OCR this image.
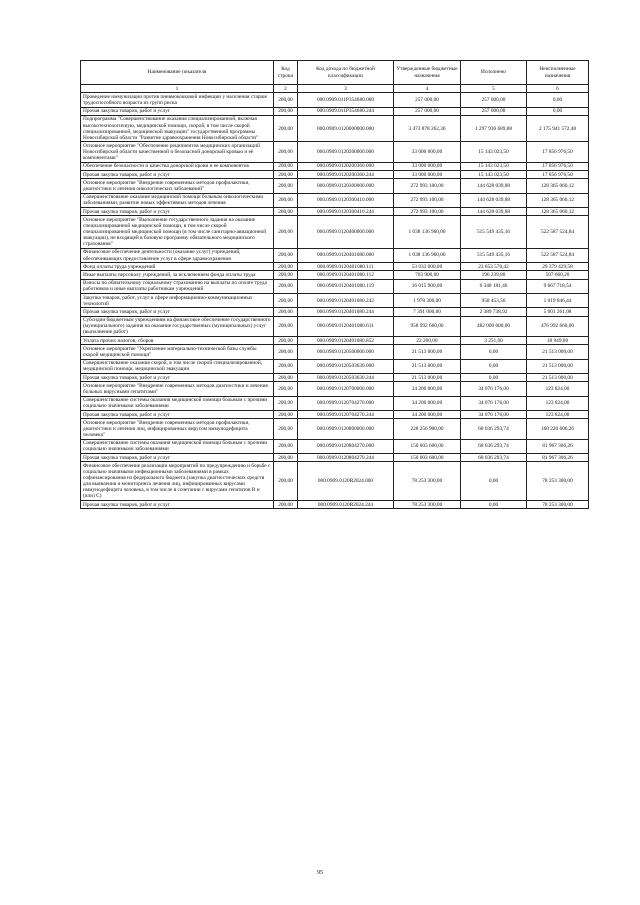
Наименование показателя	Код строки	Код дохода по бюджетной классификации	Утвержденные бюджетные назначения	Исполнено	Неисполненные назначения
1	2	3	4	5	6
Проведение иммунизации против пневмококковой инфекции у населения старше трудоспособного возраста из групп риска	200,00	000.0909.011P354680.000	257 000,00	257 000,00	0,00
Прочая закупка товаров, работ и услуг	200,00	000.0909.011P354680.244	257 000,00	257 000,00	0,00
Подпрограмма "Совершенствование оказания специализированной, включая высокотехнологичную, медицинской помощи, скорой, в том числе скорой специализированной, медицинской эвакуации" государственной программы Новосибирской области "Развитие здравоохранения Новосибирской области"	200,00	000.0909.0120000000.000	3 473 878 262,36	1 297 936 689,88	2 175 941 572,48
Основное мероприятие "Обеспечение реципиентов медицинских организаций Новосибирской области качественной и безопасной донорской кровью и её компонентами"	200,00	000.0909.0120200000.000	33 000 000,00	15 143 023,50	17 856 976,50
Обеспечение безопасности и качества донорской крови и ее компонентов	200,00	000.0909.0120200360.000	33 000 000,00	15 143 023,50	17 856 976,50
Прочая закупка товаров, работ и услуг	200,00	000.0909.0120200360.244	33 000 000,00	15 143 023,50	17 856 976,50
Основное мероприятие "Внедрение современных методов профилактики, диагностики и лечения онкологических заболеваний"	200,00	000.0909.0120300000.000	272 993 100,00	144 628 039,88	128 365 060,12
Совершенствование оказания медицинской помощи больным онкологическими заболеваниями, развитие новых эффективных методов лечения	200,00	000.0909.0120300410.000	272 993 100,00	144 628 039,88	128 365 060,12
Прочая закупка товаров, работ и услуг	200,00	000.0909.0120300410.244	272 993 100,00	144 628 039,88	128 365 060,12
Основное мероприятие "Выполнение государственного задания на оказание специализированной медицинской помощи, в том числе скорой специализированной медицинской помощи (в том числе санитарно-авиационной эвакуации), не входящей в базовую программу обязательного медицинского страхования"	200,00	000.0909.0120400000.000	1 038 136 960,00	515 549 435,16	522 587 524,84
Финансовое обеспечение деятельности (оказание услуг) учреждений, обеспечивающих предоставление услуг в сфере здравоохранения	200,00	000.0909.0120401080.000	1 038 136 960,00	515 549 435,16	522 587 524,84
Фонд оплаты труда учреждений	200,00	000.0909.0120401080.111	53 033 000,00	23 653 570,42	29 379 429,58
Иные выплаты персоналу учреждений, за исключением фонда оплаты труда	200,00	000.0909.0120401080.112	703 900,00	196 239,80	507 660,20
Взносы по обязательному социальному страхованию на выплаты по оплате труда работников и иные выплаты работникам учреждений	200,00	000.0909.0120401080.119	16 015 900,00	6 348 181,46	9 667 718,54
Закупка товаров, работ, услуг в сфере информационно-коммуникационных технологий	200,00	000.0909.0120401080.242	1 978 300,00	958 453,56	1 019 846,44
Прочая закупка товаров, работ и услуг	200,00	000.0909.0120401080.244	7 391 000,00	2 389 738,92	5 001 261,08
Субсидии бюджетным учреждениям на финансовое обеспечение государственного (муниципального) задания на оказание государственных (муниципальных) услуг (выполнение работ)	200,00	000.0909.0120401080.611	958 992 660,00	482 000 000,00	476 992 660,00
Уплата прочих налогов, сборов	200,00	000.0909.0120401080.852	22 200,00	3 251,00	18 949,00
Основное мероприятие "Укрепление материально-технической базы службы скорой медицинской помощи"	200,00	000.0909.0120500000.000	21 513 000,00	0,00	21 513 000,00
Совершенствование оказания скорой, в том числе скорой специализированной, медицинской помощи, медицинской эвакуации	200,00	000.0909.0120503630.000	21 513 000,00	0,00	21 513 000,00
Прочая закупка товаров, работ и услуг	200,00	000.0909.0120503630.244	21 513 000,00	0,00	21 513 000,00
Основное мероприятие "Внедрение современных методов диагностики и лечения больных вирусными гепатитами"	200,00	000.0909.0120700000.000	34 200 000,00	34 076 176,00	123 824,00
Совершенствование системы оказания медицинской помощи больным с прочими социально значимыми заболеваниями	200,00	000.0909.0120704270.000	34 200 000,00	34 076 176,00	123 824,00
Прочая закупка товаров, работ и услуг	200,00	000.0909.0120704270.244	34 200 000,00	34 076 176,00	123 824,00
Основное мероприятие "Внедрение современных методов профилактики, диагностики и лечения лиц, инфицированных вирусом иммунодефицита человека"	200,00	000.0909.0120800000.000	228 256 900,00	68 036 293,74	160 220 606,26
Совершенствование системы оказания медицинской помощи больным с прочими социально значимыми заболеваниями	200,00	000.0909.0120804270.000	150 003 600,00	68 036 293,74	81 967 306,26
Прочая закупка товаров, работ и услуг	200,00	000.0909.0120804270.244	150 003 600,00	68 036 293,74	81 967 306,26
Финансовое обеспечение реализации мероприятий по предупреждению и борьбе с социально значимыми инфекционными заболеваниями в рамках софинансирования из федерального бюджета (закупка диагностических средств для выявления и мониторинга лечения лиц, инфицированных вирусами иммунодефицита человека, в том числе в сочетании с вирусами гепатитов B и (или) C)	200,00	000.0909.0120R2024.000	78 253 300,00	0,00	78 253 300,00
Прочая закупка товаров, работ и услуг	200,00	000.0909.0120R2024.244	78 253 300,00	0,00	78 253 300,00
95
